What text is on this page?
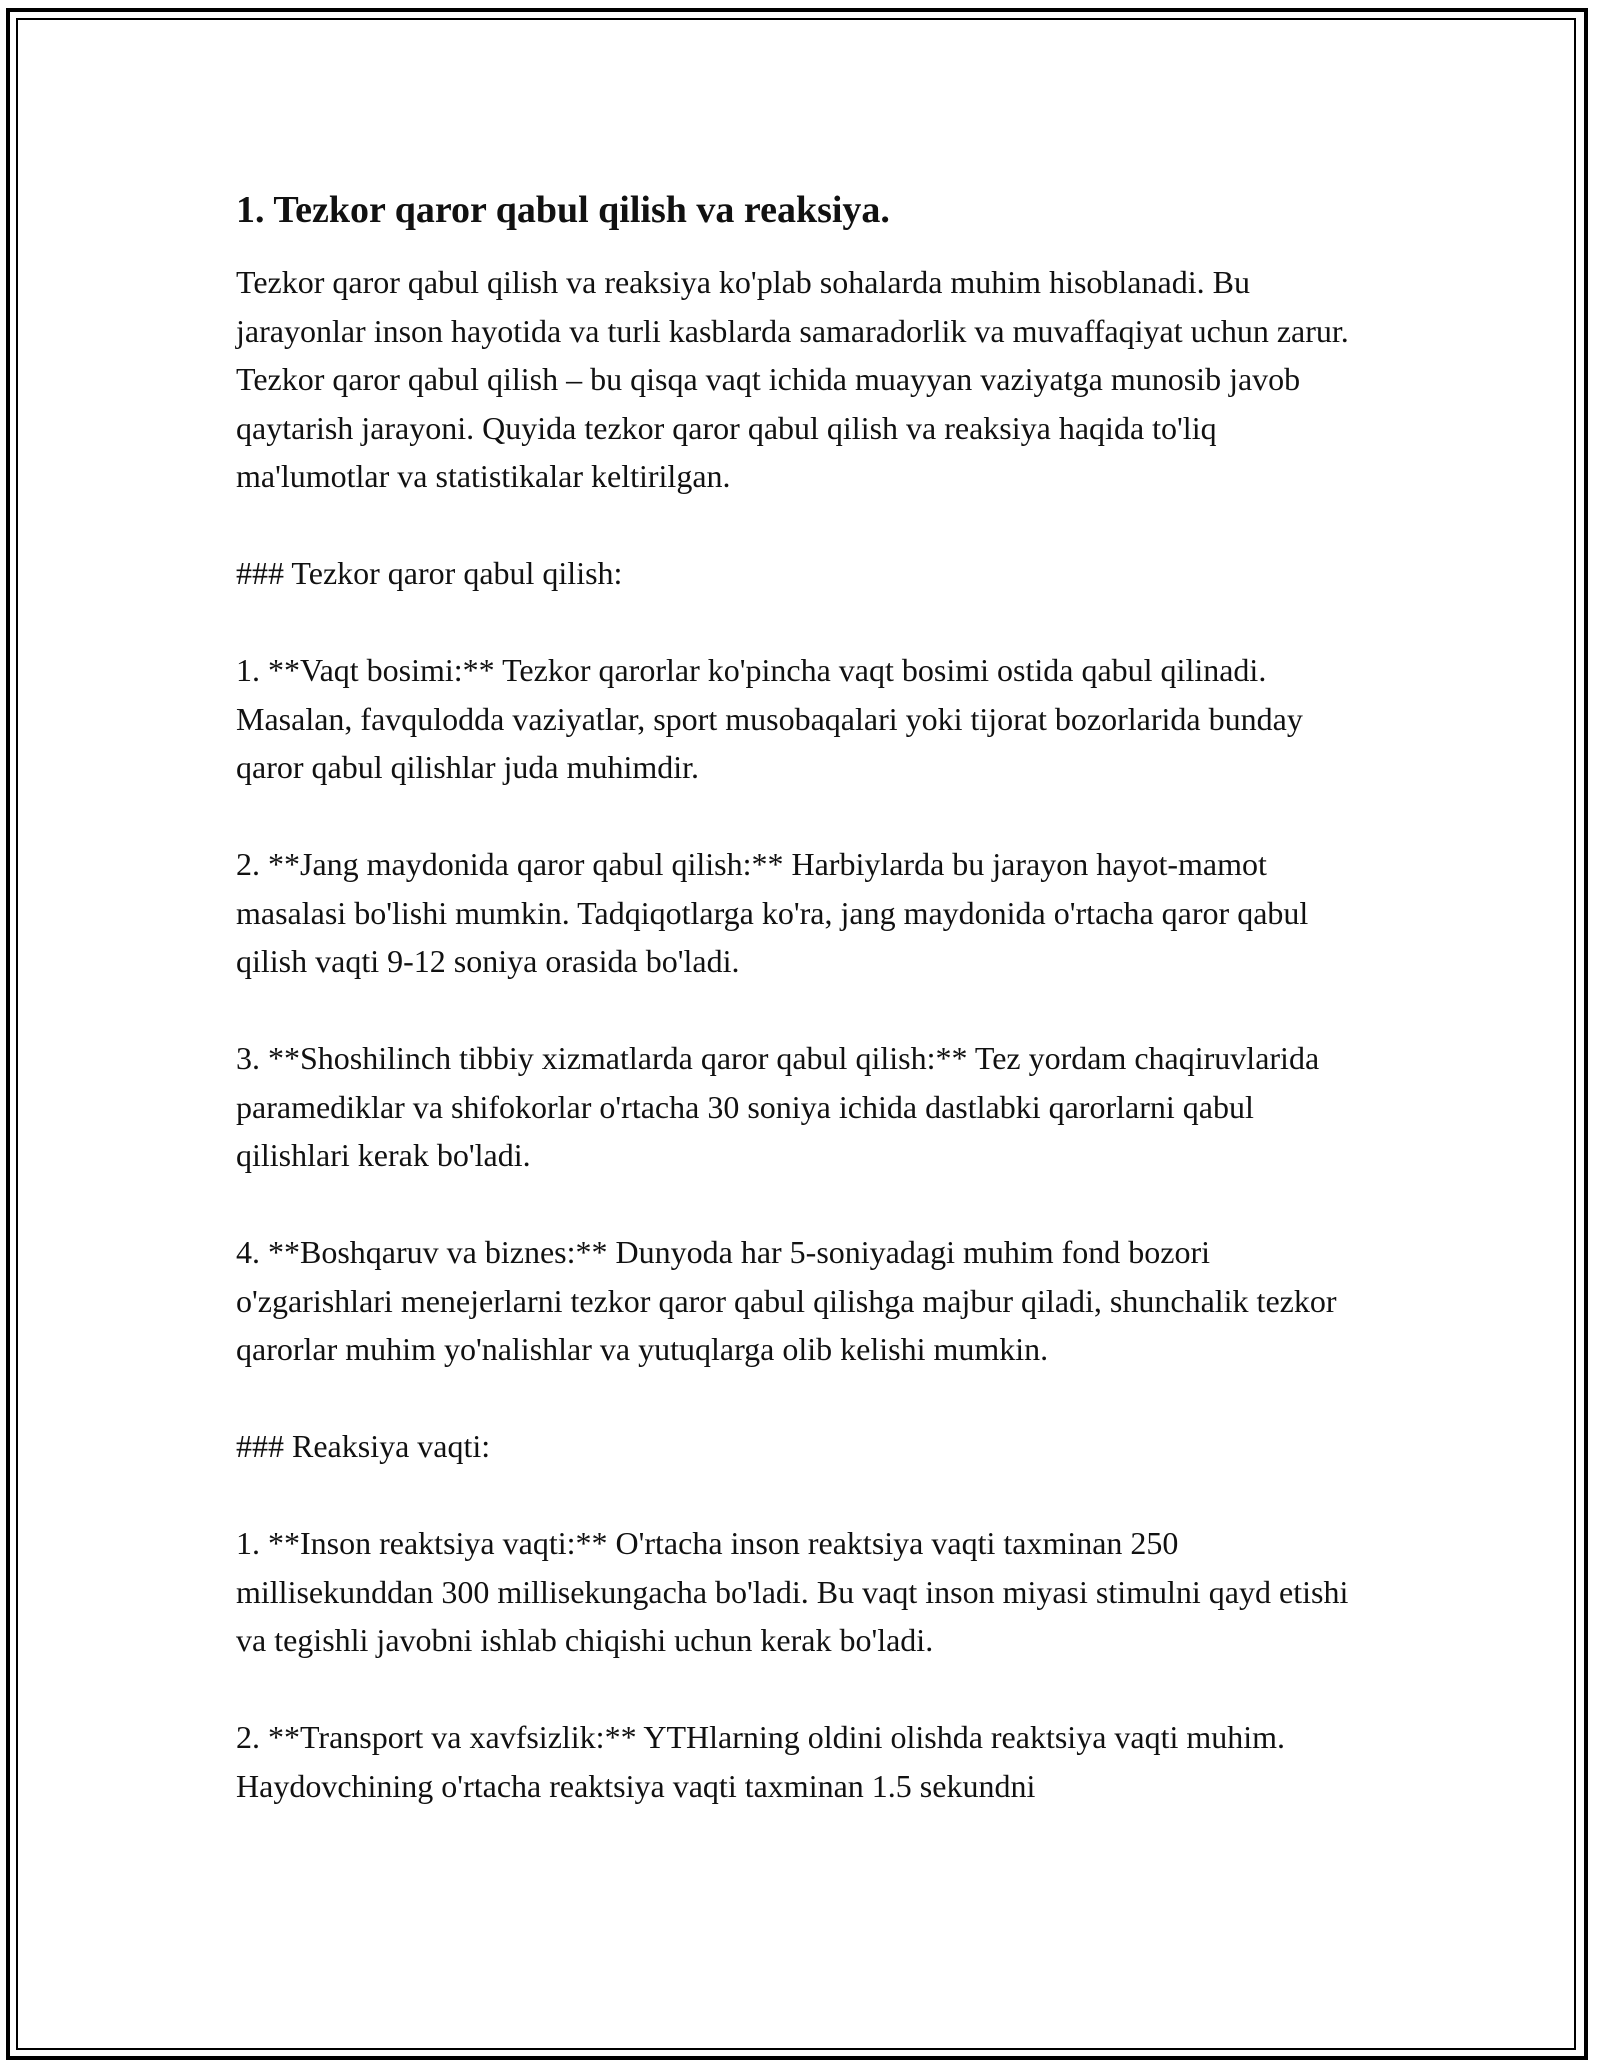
1. Tezkor qaror qabul qilish va reaksiya.

Tezkor qaror qabul qilish va reaksiya ko'plab sohalarda muhim hisoblanadi. Bu jarayonlar inson hayotida va turli kasblarda samaradorlik va muvaffaqiyat uchun zarur. Tezkor qaror qabul qilish – bu qisqa vaqt ichida muayyan vaziyatga munosib javob qaytarish jarayoni. Quyida tezkor qaror qabul qilish va reaksiya haqida to'liq ma'lumotlar va statistikalar keltirilgan.

### Tezkor qaror qabul qilish:

1. **Vaqt bosimi:** Tezkor qarorlar ko'pincha vaqt bosimi ostida qabul qilinadi. Masalan, favqulodda vaziyatlar, sport musobaqalari yoki tijorat bozorlarida bunday qaror qabul qilishlar juda muhimdir.

2. **Jang maydonida qaror qabul qilish:** Harbiylarda bu jarayon hayot-mamot masalasi bo'lishi mumkin. Tadqiqotlarga ko'ra, jang maydonida o'rtacha qaror qabul qilish vaqti 9-12 soniya orasida bo'ladi.

3. **Shoshilinch tibbiy xizmatlarda qaror qabul qilish:** Tez yordam chaqiruvlarida paramediklar va shifokorlar o'rtacha 30 soniya ichida dastlabki qarorlarni qabul qilishlari kerak bo'ladi.

4. **Boshqaruv va biznes:** Dunyoda har 5-soniyadagi muhim fond bozori o'zgarishlari menejerlarni tezkor qaror qabul qilishga majbur qiladi, shunchalik tezkor qarorlar muhim yo'nalishlar va yutuqlarga olib kelishi mumkin.

### Reaksiya vaqti:

1. **Inson reaktsiya vaqti:** O'rtacha inson reaktsiya vaqti taxminan 250 millisekunddan 300 millisekungacha bo'ladi. Bu vaqt inson miyasi stimulni qayd etishi va tegishli javobni ishlab chiqishi uchun kerak bo'ladi.

2. **Transport va xavfsizlik:** YTHlarning oldini olishda reaktsiya vaqti muhim. Haydovchining o'rtacha reaktsiya vaqti taxminan 1.5 sekundni
